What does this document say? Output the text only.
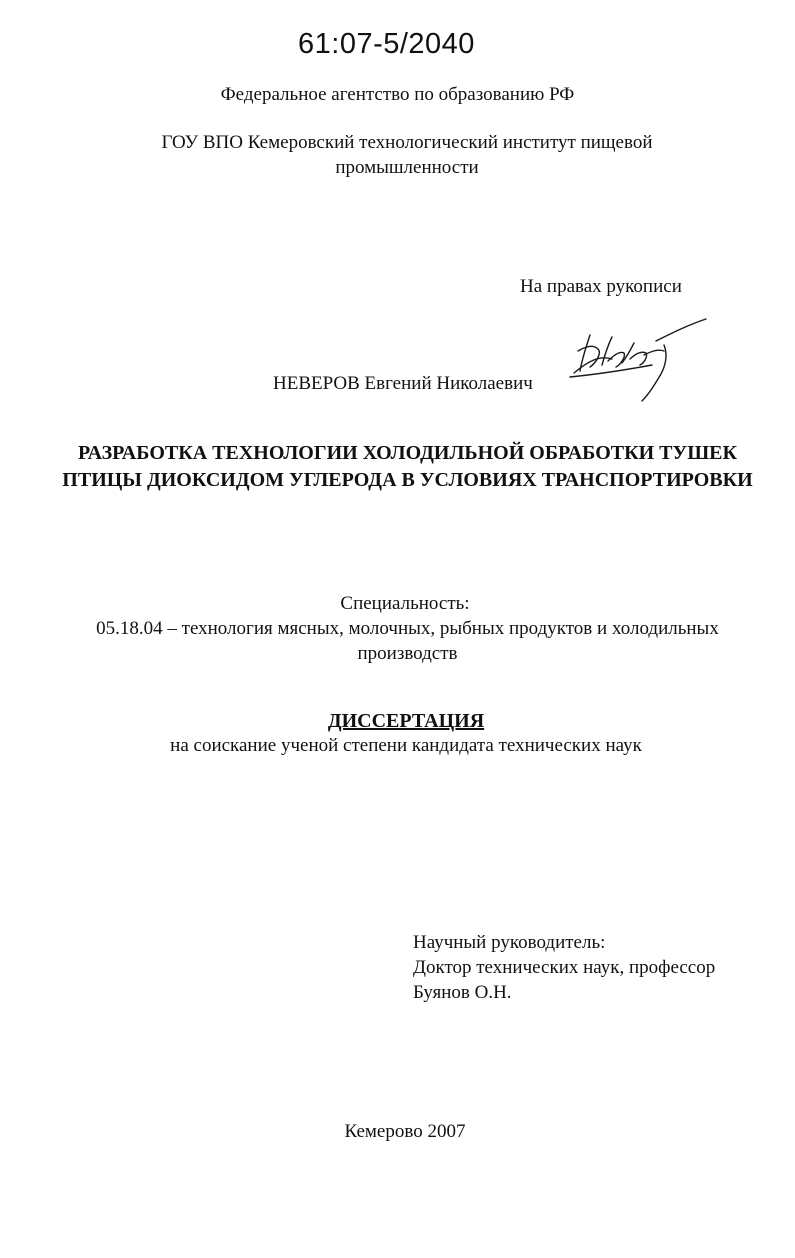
61:07-5/2040
Федеральное агентство по образованию РФ
ГОУ ВПО Кемеровский технологический институт пищевой промышленности
На правах рукописи
НЕВЕРОВ Евгений Николаевич
РАЗРАБОТКА ТЕХНОЛОГИИ ХОЛОДИЛЬНОЙ ОБРАБОТКИ ТУШЕК ПТИЦЫ ДИОКСИДОМ УГЛЕРОДА В УСЛОВИЯХ ТРАНСПОРТИРОВКИ
Специальность:
05.18.04 – технология мясных, молочных, рыбных продуктов и холодильных производств
ДИССЕРТАЦИЯ
на соискание ученой степени кандидата технических наук
Научный руководитель:
Доктор технических наук, профессор
Буянов О.Н.
Кемерово 2007
